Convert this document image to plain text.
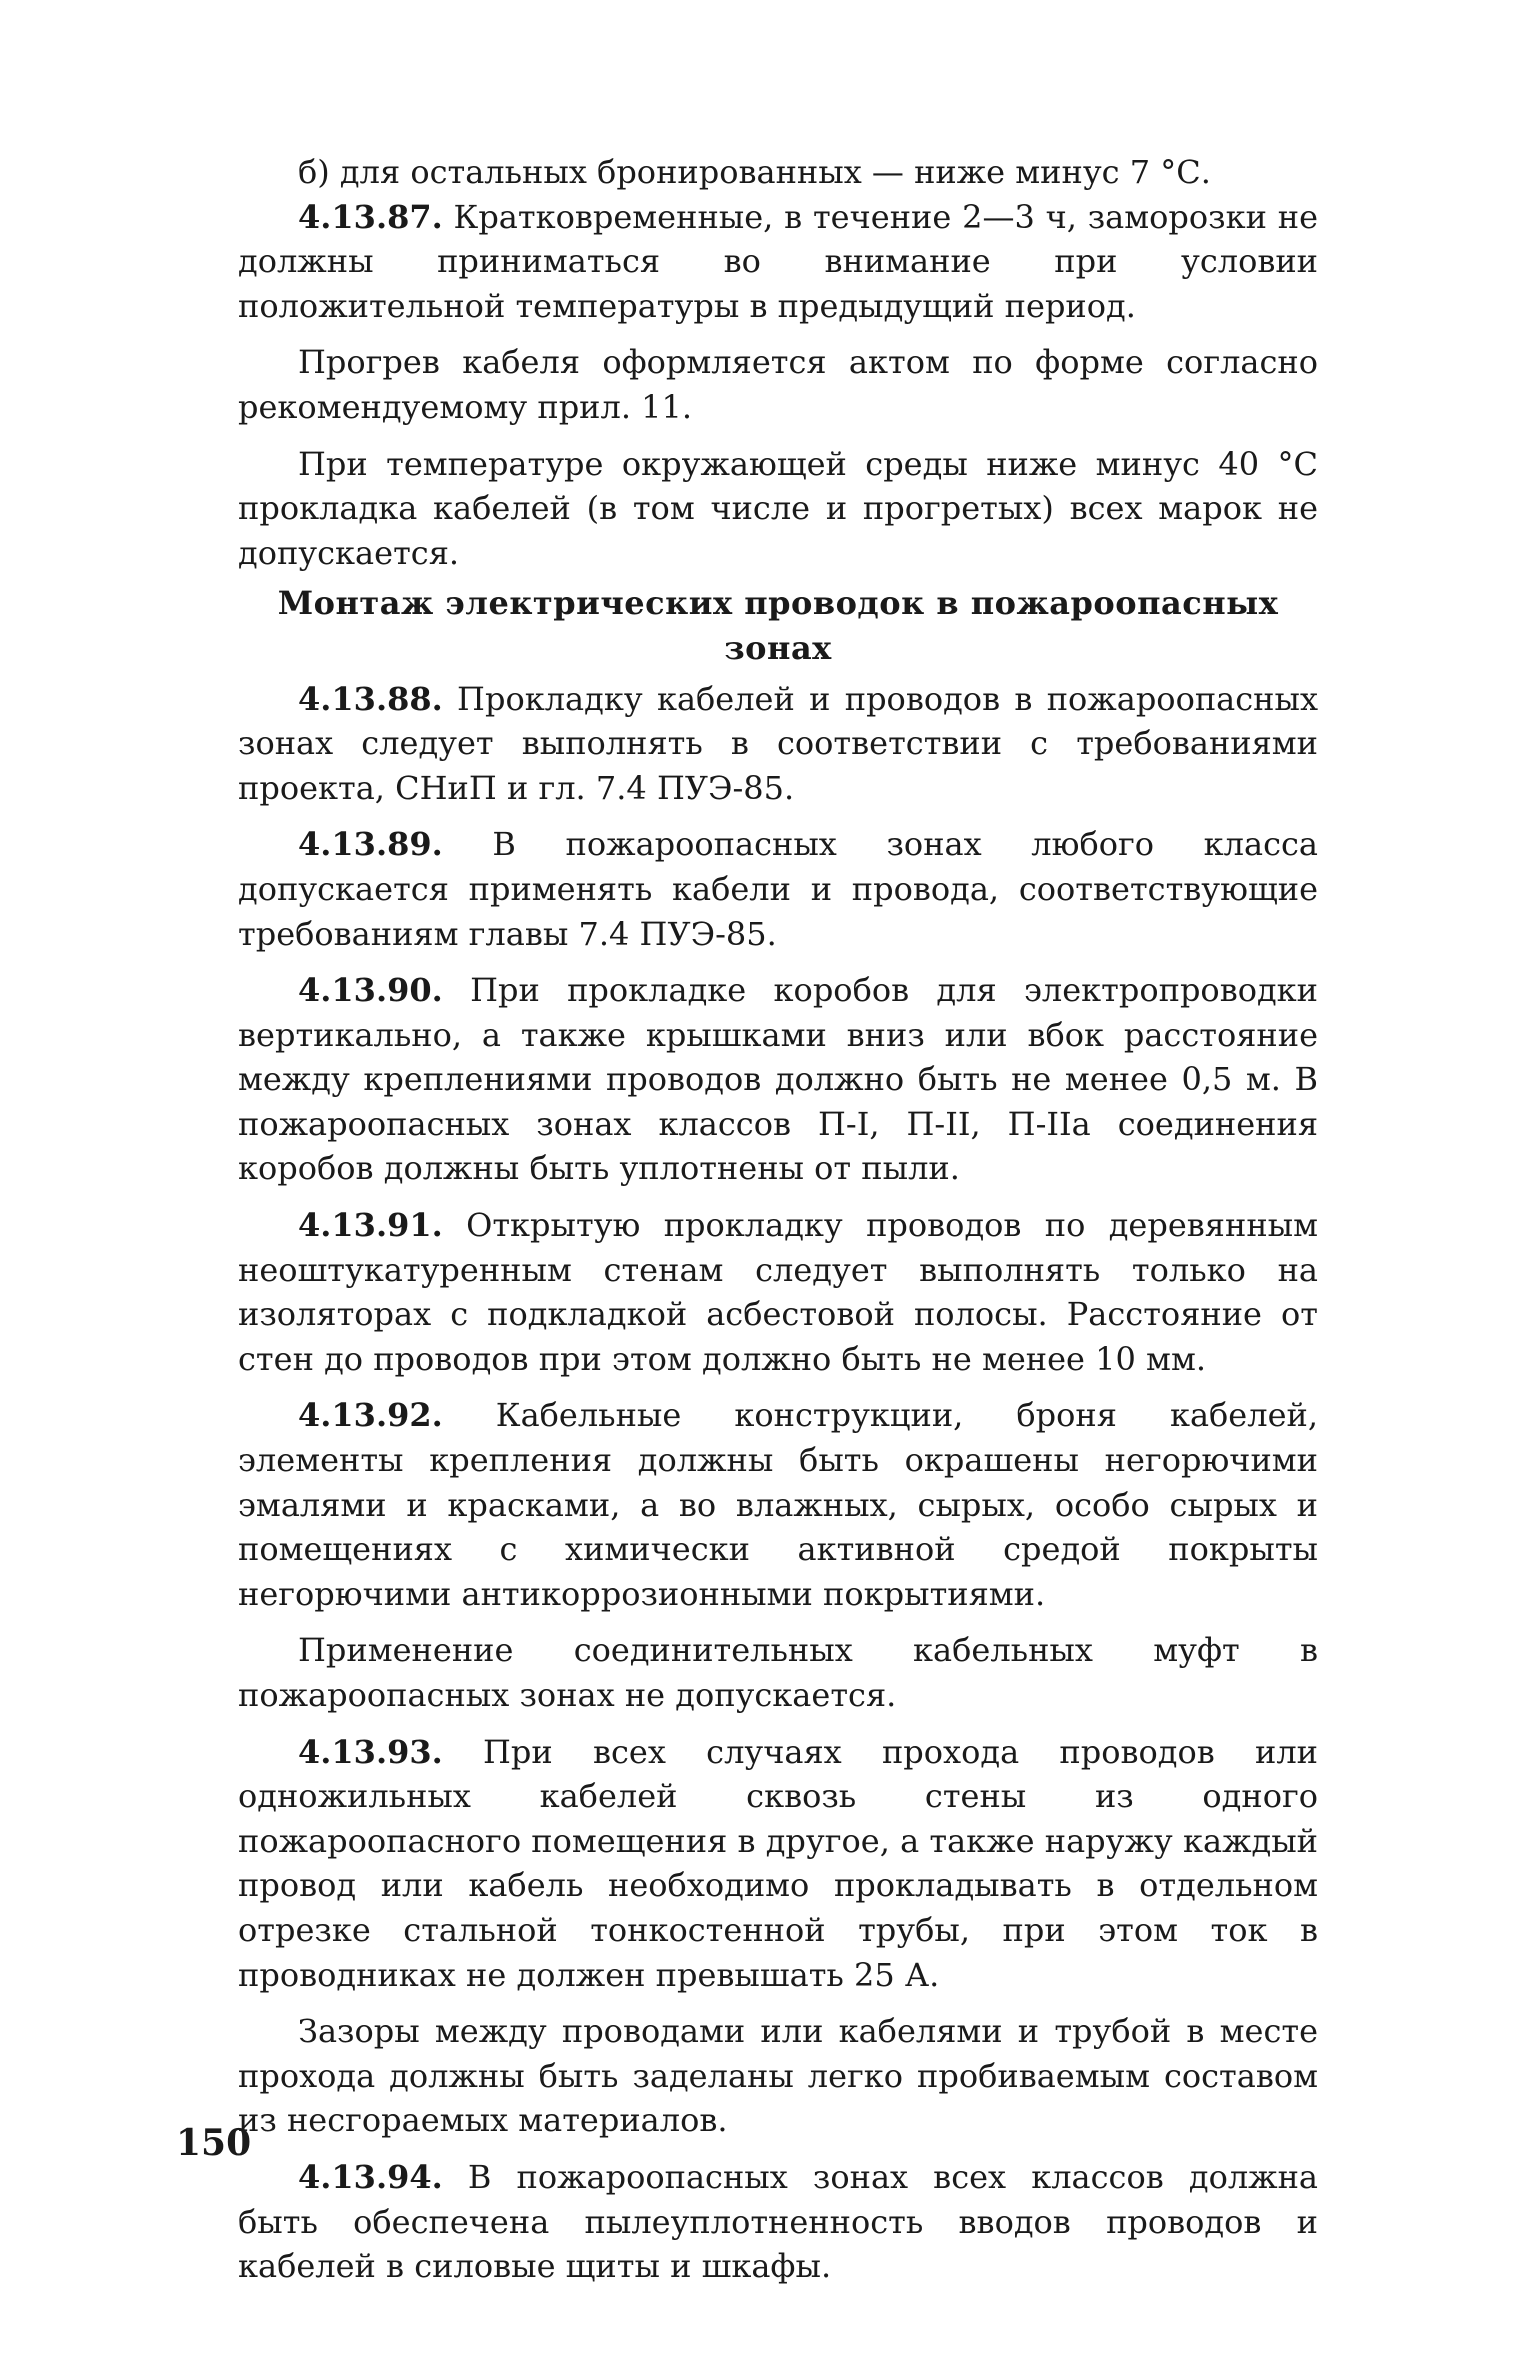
б) для остальных бронированных — ниже минус 7 °С.

4.13.87. Кратковременные, в течение 2—3 ч, заморозки не должны приниматься во внимание при условии положительной температуры в предыдущий период.

Прогрев кабеля оформляется актом по форме согласно рекомендуемому прил. 11.

При температуре окружающей среды ниже минус 40 °С прокладка кабелей (в том числе и прогретых) всех марок не допускается.

Монтаж электрических проводок в пожароопасных зонах

4.13.88. Прокладку кабелей и проводов в пожароопасных зонах следует выполнять в соответствии с требованиями проекта, СНиП и гл. 7.4 ПУЭ-85.

4.13.89. В пожароопасных зонах любого класса допускается применять кабели и провода, соответствующие требованиям главы 7.4 ПУЭ-85.

4.13.90. При прокладке коробов для электропроводки вертикально, а также крышками вниз или вбок расстояние между креплениями проводов должно быть не менее 0,5 м. В пожароопасных зонах классов П-I, П-II, П-IIа соединения коробов должны быть уплотнены от пыли.

4.13.91. Открытую прокладку проводов по деревянным неоштукатуренным стенам следует выполнять только на изоляторах с подкладкой асбестовой полосы. Расстояние от стен до проводов при этом должно быть не менее 10 мм.

4.13.92. Кабельные конструкции, броня кабелей, элементы крепления должны быть окрашены негорючими эмалями и красками, а во влажных, сырых, особо сырых и помещениях с химически активной средой покрыты негорючими антикоррозионными покрытиями.

Применение соединительных кабельных муфт в пожароопасных зонах не допускается.

4.13.93. При всех случаях прохода проводов или одножильных кабелей сквозь стены из одного пожароопасного помещения в другое, а также наружу каждый провод или кабель необходимо прокладывать в отдельном отрезке стальной тонкостенной трубы, при этом ток в проводниках не должен превышать 25 А.

Зазоры между проводами или кабелями и трубой в месте прохода должны быть заделаны легко пробиваемым составом из несгораемых материалов.

4.13.94. В пожароопасных зонах всех классов должна быть обеспечена пылеуплотненность вводов проводов и кабелей в силовые щиты и шкафы.

150
